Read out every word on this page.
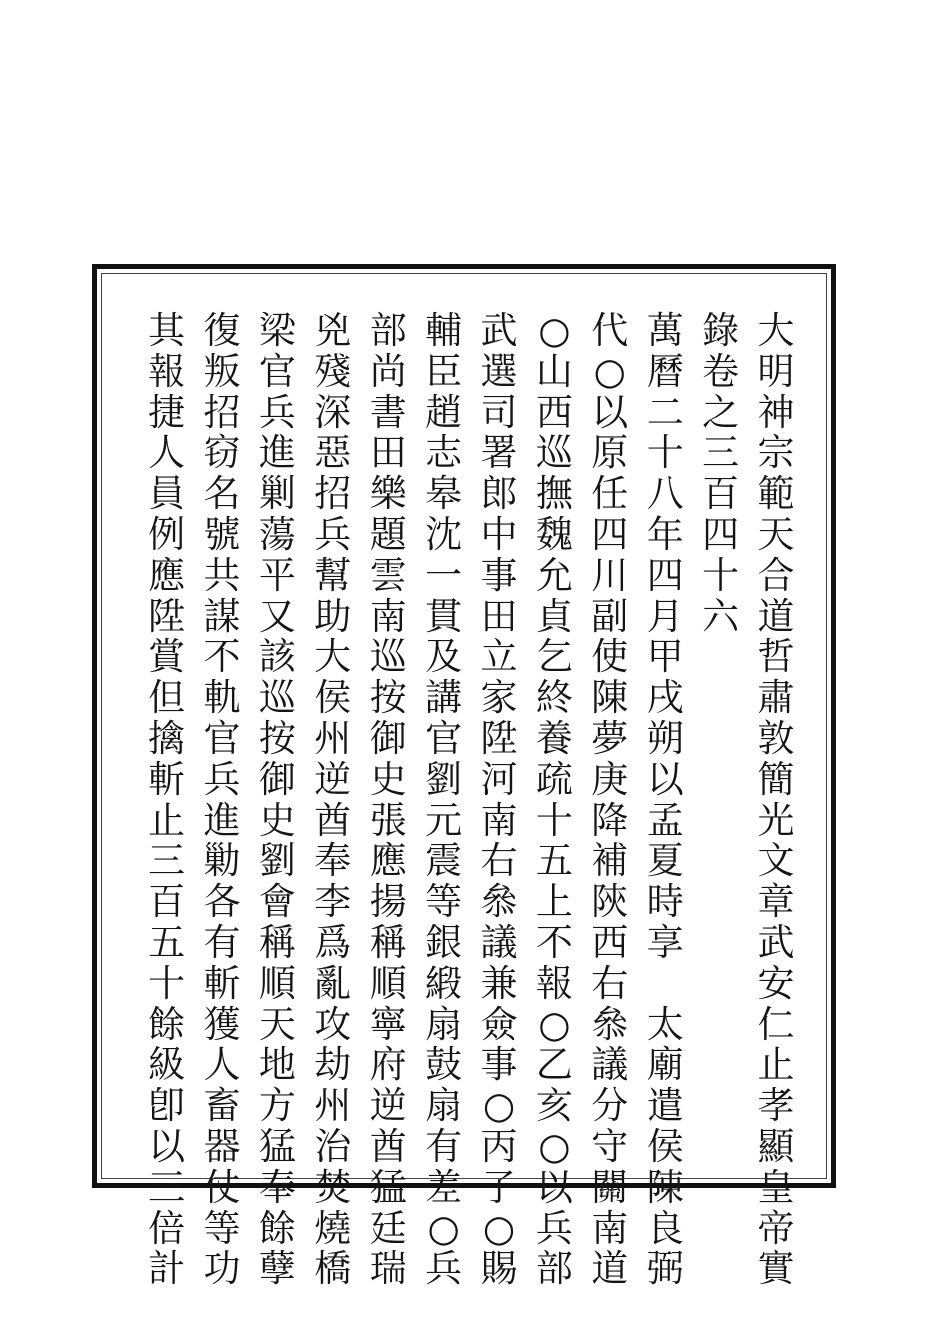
大
明
神
宗
範
天
合
道
哲
肅
敦
簡
光
文
章
武
安
仁
止
孝
顯
皇
帝
實
錄
卷
之
三
百
四
十
六
萬
曆
二
十
八
年
四
月
甲
戌
朔
以
孟
夏
時
享

太
廟
遣
侯
陳
良
弼
代
○
以
原
任
四
川
副
使
陳
夢
庚
降
補
陝
西
右
叅
議
分
守
關
南
道
○
山
西
巡
撫
魏
允
貞
乞
終
養
疏
十
五
上
不
報
○
乙
亥
○
以
兵
部
武
選
司
署
郎
中
事
田
立
家
陞
河
南
右
叅
議
兼
僉
事
○
丙
子
○
賜
輔
臣
趙
志
皋
沈
一
貫
及
講
官
劉
元
震
等
銀
緞
扇
鼓
扇
有
差
○
兵
部
尚
書
田
樂
題
雲
南
巡
按
御
史
張
應
揚
稱
順
寧
府
逆
酋
猛
廷
瑞
兇
殘
深
惡
招
兵
幫
助
大
侯
州
逆
酋
奉
李
爲
亂
攻
劫
州
治
焚
燒
橋
梁
官
兵
進
剿
蕩
平
又
該
巡
按
御
史
劉
會
稱
順
天
地
方
猛
奉
餘
孽
復
叛
招
窃
名
號
共
謀
不
軌
官
兵
進
勦
各
有
斬
獲
人
畜
器
仗
等
功
其
報
捷
人
員
例
應
陞
賞
但
擒
斬
止
三
百
五
十
餘
級
卽
以
三
倍
計
